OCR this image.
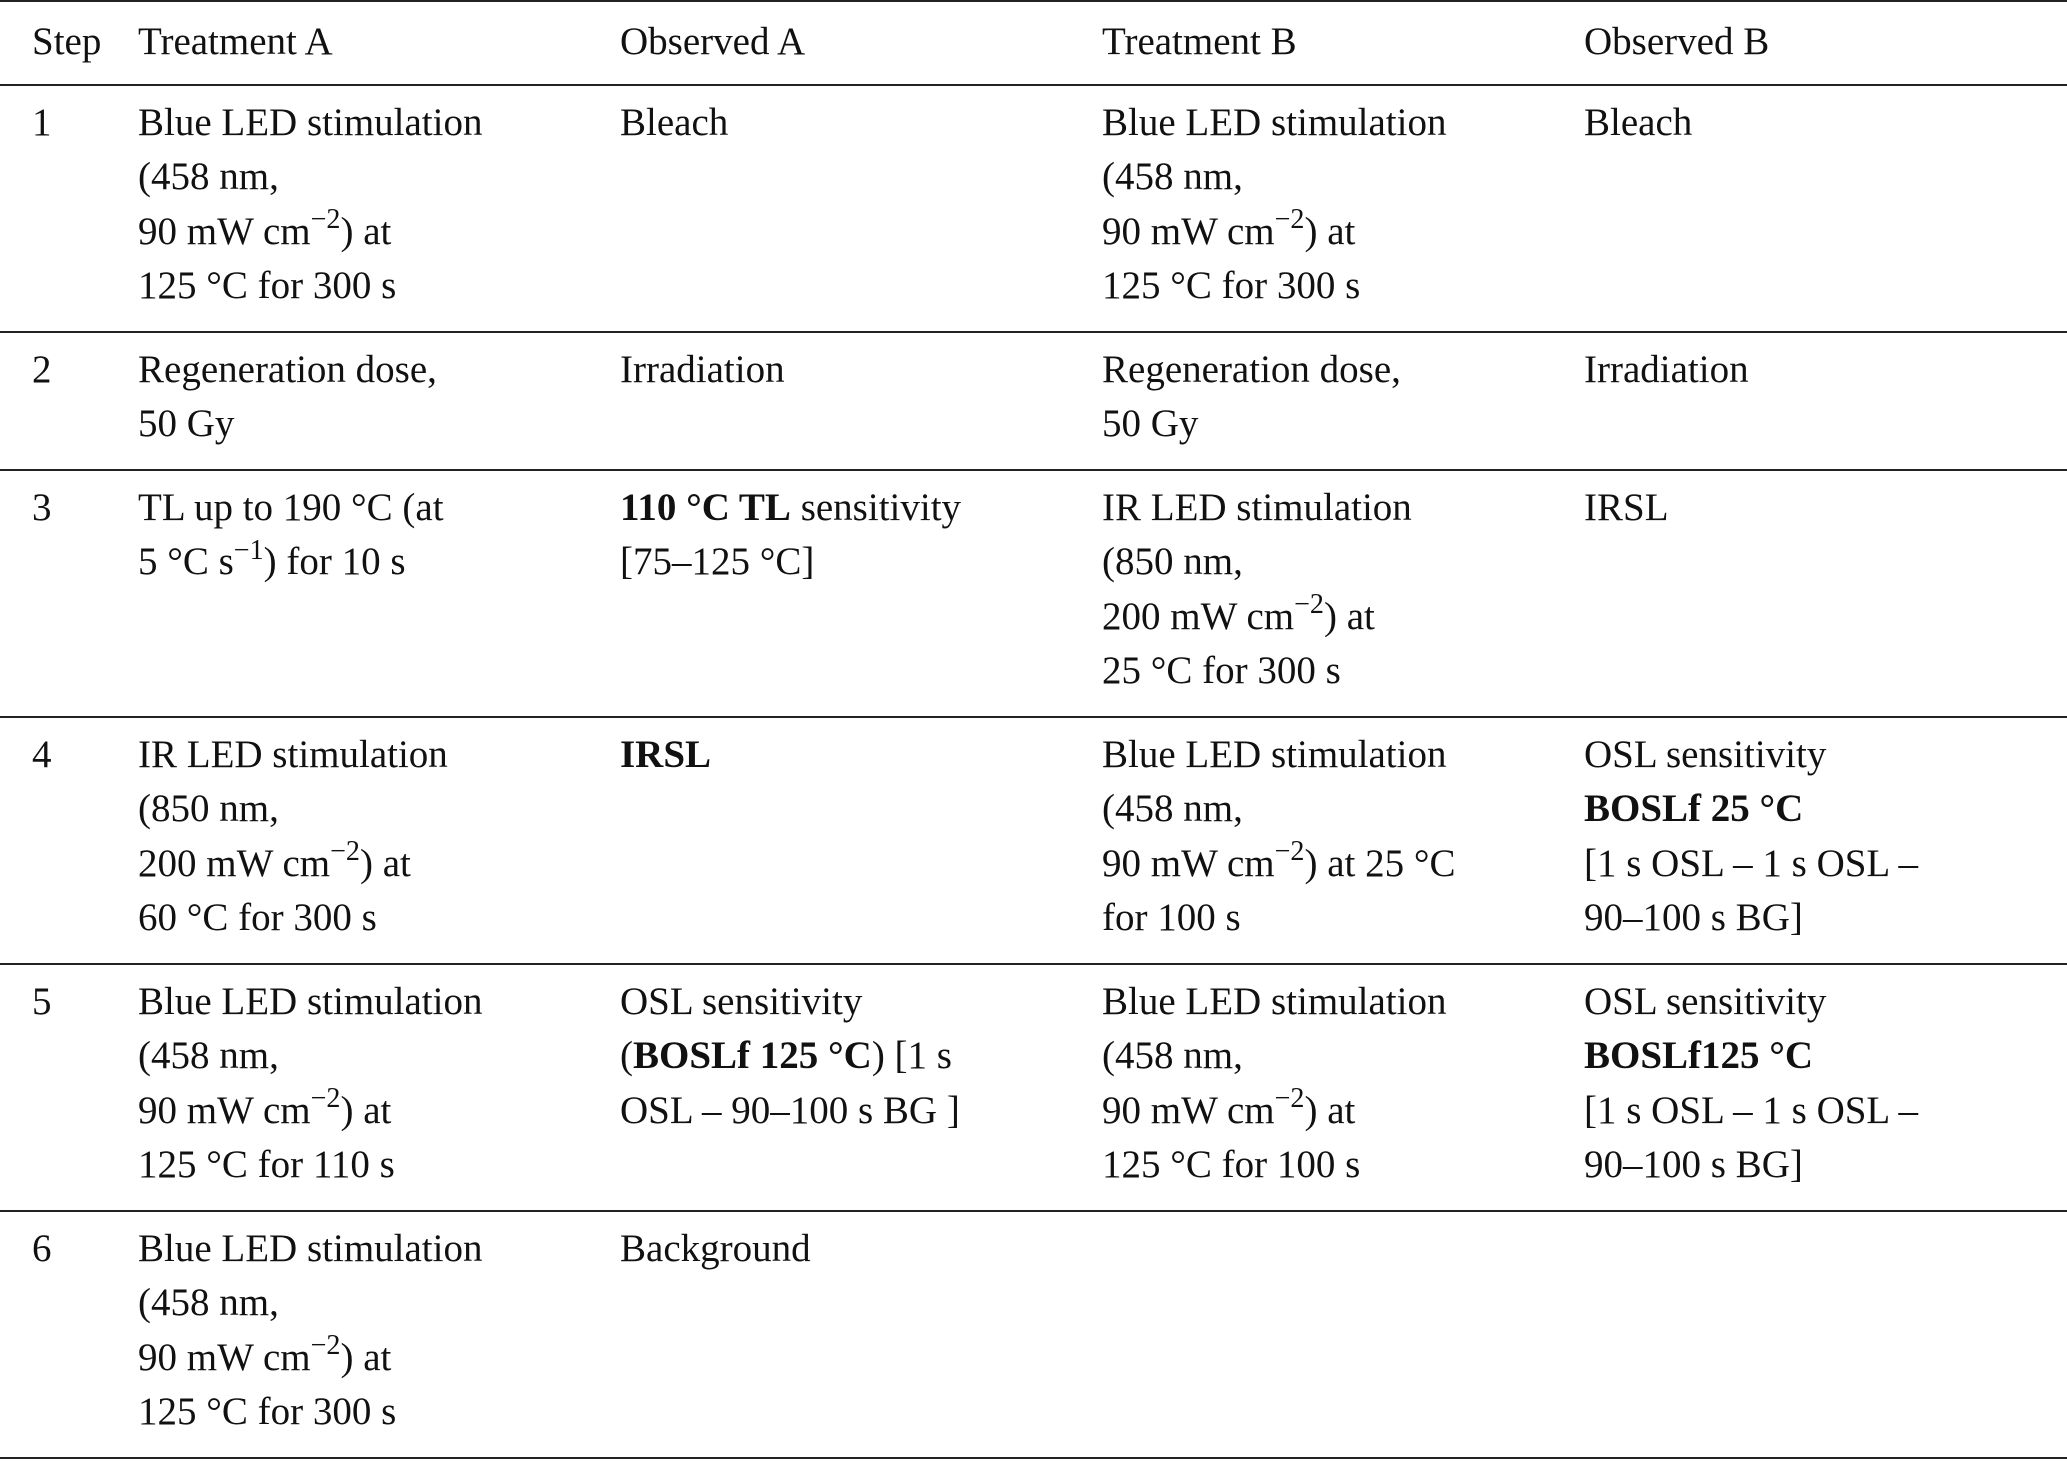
Step	Treatment A	Observed A	Treatment B	Observed B
1	Blue LED stimulation
(458 nm,
90 mW $cm^{-2}$) at
125 °C for 300 s	Bleach	Blue LED stimulation
(458 nm,
90 mW $cm^{-2}$) at
125 °C for 300 s	Bleach

2	Regeneration dose,
50 Gy	Irradiation	Regeneration dose,
50 Gy	Irradiation

3	TL up to 190 °C (at
5 °C $s^{-1}$) for 10 s	110 °C TL sensitivity
[75–125 °C]	IR LED stimulation
(850 nm,
200 mW $cm^{-2}$) at
25 °C for 300 s	IRSL

4	IR LED stimulation
(850 nm,
200 mW $cm^{-2}$) at
60 °C for 300 s	IRSL	Blue LED stimulation
(458 nm,
90 mW $cm^{-2}$) at 25 °C
for 100 s	OSL sensitivity
BOSLf 25 °C
[1 s OSL – 1 s OSL –
90–100 s BG]

5	Blue LED stimulation
(458 nm,
90 mW $cm^{-2}$) at
125 °C for 110 s	OSL sensitivity
(BOSLf 125 °C) [1 s
OSL – 90–100 s BG ]	Blue LED stimulation
(458 nm,
90 mW $cm^{-2}$) at
125 °C for 100 s	OSL sensitivity
BOSLf125 °C
[1 s OSL – 1 s OSL –
90–100 s BG]

6	Blue LED stimulation
(458 nm,
90 mW $cm^{-2}$) at
125 °C for 300 s	Background		
